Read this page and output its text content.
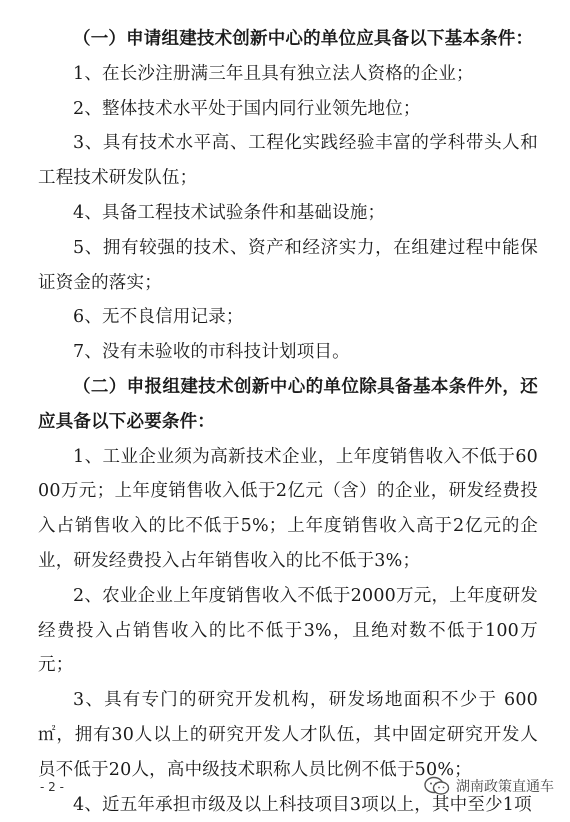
（一）申请组建技术创新中心的单位应具备以下基本条件：

1、在长沙注册满三年且具有独立法人资格的企业；

2、整体技术水平处于国内同行业领先地位；

3、具有技术水平高、工程化实践经验丰富的学科带头人和工程技术研发队伍；

4、具备工程技术试验条件和基础设施；

5、拥有较强的技术、资产和经济实力，在组建过程中能保证资金的落实；

6、无不良信用记录；

7、没有未验收的市科技计划项目。

（二）申报组建技术创新中心的单位除具备基本条件外，还应具备以下必要条件：

1、工业企业须为高新技术企业，上年度销售收入不低于6000万元；上年度销售收入低于2亿元（含）的企业，研发经费投入占销售收入的比不低于5%；上年度销售收入高于2亿元的企业，研发经费投入占年销售收入的比不低于3%；

2、农业企业上年度销售收入不低于2000万元，上年度研发经费投入占销售收入的比不低于3%，且绝对数不低于100万元；

3、具有专门的研究开发机构，研发场地面积不少于 600㎡，拥有30人以上的研究开发人才队伍，其中固定研究开发人员不低于20人，高中级技术职称人员比例不低于50%；

4、近五年承担市级及以上科技项目3项以上，其中至少1项

- 2 -	湖南政策直通车
